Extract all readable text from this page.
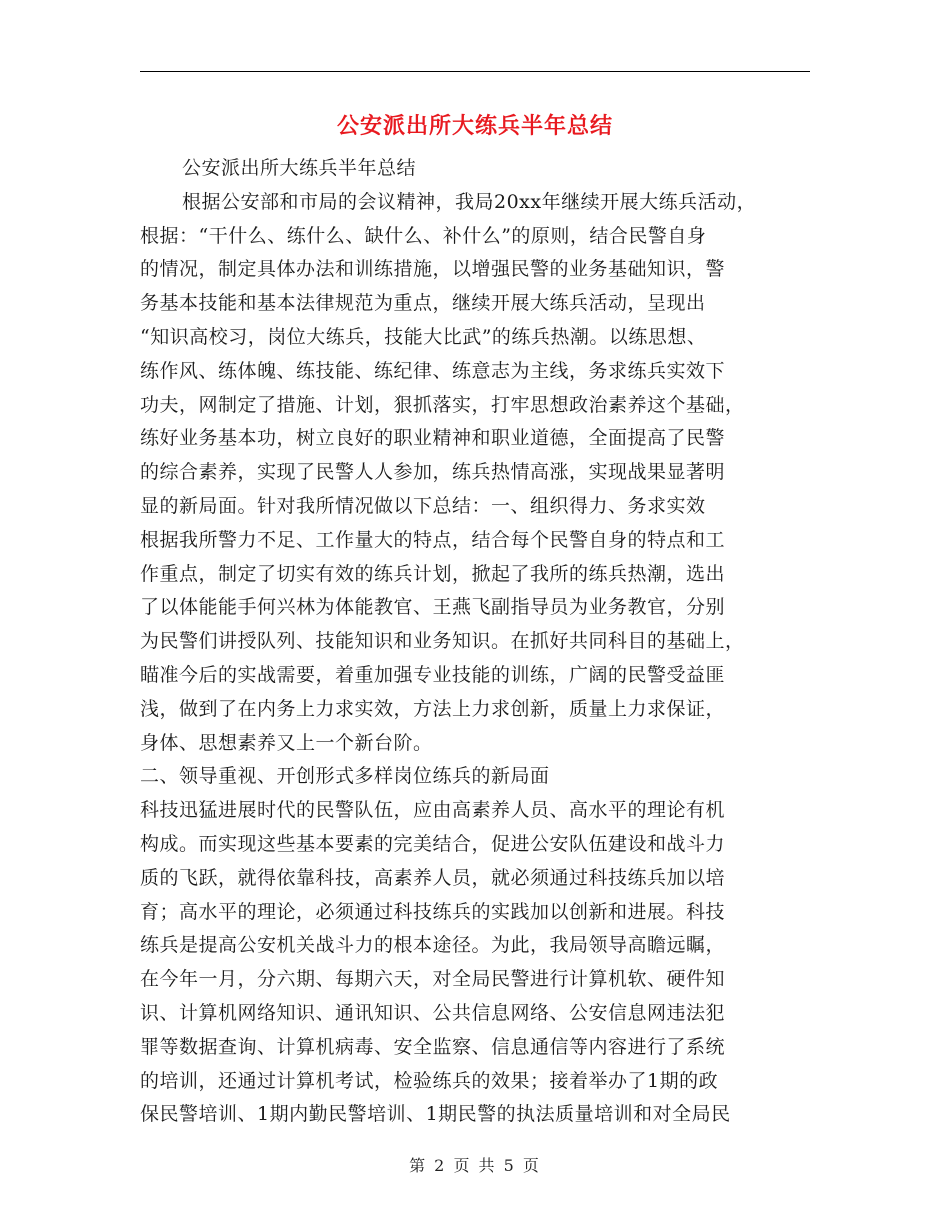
公安派出所大练兵半年总结
公安派出所大练兵半年总结
根据公安部和市局的会议精神，我局20xx年继续开展大练兵活动，
根据：“干什么、练什么、缺什么、补什么”的原则，结合民警自身
的情况，制定具体办法和训练措施，以增强民警的业务基础知识，警
务基本技能和基本法律规范为重点，继续开展大练兵活动，呈现出
“知识高校习，岗位大练兵，技能大比武”的练兵热潮。以练思想、
练作风、练体魄、练技能、练纪律、练意志为主线，务求练兵实效下
功夫，网制定了措施、计划，狠抓落实，打牢思想政治素养这个基础，
练好业务基本功，树立良好的职业精神和职业道德，全面提高了民警
的综合素养，实现了民警人人参加，练兵热情高涨，实现战果显著明
显的新局面。针对我所情况做以下总结：一、组织得力、务求实效
根据我所警力不足、工作量大的特点，结合每个民警自身的特点和工
作重点，制定了切实有效的练兵计划，掀起了我所的练兵热潮，选出
了以体能能手何兴林为体能教官、王燕飞副指导员为业务教官，分别
为民警们讲授队列、技能知识和业务知识。在抓好共同科目的基础上，
瞄准今后的实战需要，着重加强专业技能的训练，广阔的民警受益匪
浅，做到了在内务上力求实效，方法上力求创新，质量上力求保证，
身体、思想素养又上一个新台阶。
二、领导重视、开创形式多样岗位练兵的新局面
科技迅猛进展时代的民警队伍，应由高素养人员、高水平的理论有机
构成。而实现这些基本要素的完美结合，促进公安队伍建设和战斗力
质的飞跃，就得依靠科技，高素养人员，就必须通过科技练兵加以培
育；高水平的理论，必须通过科技练兵的实践加以创新和进展。科技
练兵是提高公安机关战斗力的根本途径。为此，我局领导高瞻远瞩，
在今年一月，分六期、每期六天，对全局民警进行计算机软、硬件知
识、计算机网络知识、通讯知识、公共信息网络、公安信息网违法犯
罪等数据查询、计算机病毒、安全监察、信息通信等内容进行了系统
的培训，还通过计算机考试，检验练兵的效果；接着举办了1期的政
保民警培训、1期内勤民警培训、1期民警的执法质量培训和对全局民
第 2 页 共 5 页
